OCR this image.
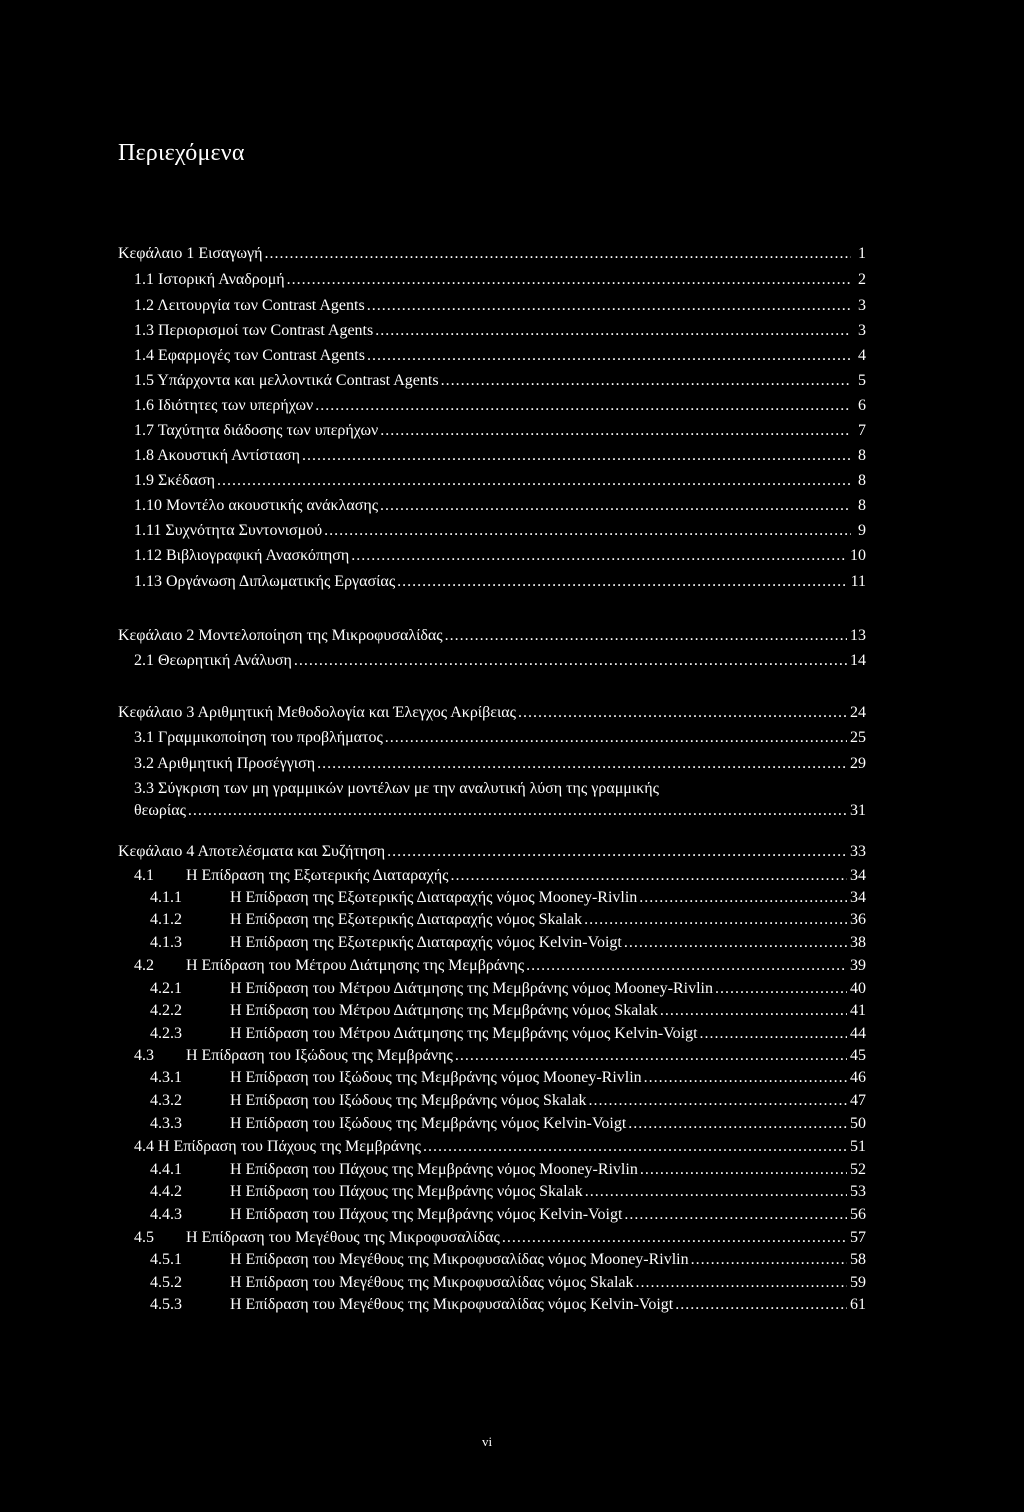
Περιεχόμενα
Κεφάλαιο 1 Εισαγωγή .....	1
1.1 Ιστορική Αναδρομή .....	2
1.2 Λειτουργία των Contrast Agents .....	3
1.3 Περιορισμοί των Contrast Agents .....	3
1.4 Εφαρμογές των Contrast Agents .....	4
1.5 Υπάρχοντα και μελλοντικά Contrast Agents .....	5
1.6 Ιδιότητες των υπερήχων .....	6
1.7 Ταχύτητα διάδοσης των υπερήχων .....	7
1.8 Ακουστική Αντίσταση .....	8
1.9 Σκέδαση .....	8
1.10 Μοντέλο ακουστικής ανάκλασης .....	8
1.11 Συχνότητα Συντονισμού .....	9
1.12 Βιβλιογραφική Ανασκόπηση .....	10
1.13 Οργάνωση Διπλωματικής Εργασίας .....	11
Κεφάλαιο 2 Μοντελοποίηση της Μικροφυσαλίδας .....	13
2.1 Θεωρητική Ανάλυση .....	14
Κεφάλαιο 3 Αριθμητική Μεθοδολογία και Έλεγχος Ακρίβειας .....	24
3.1 Γραμμικοποίηση του προβλήματος .....	25
3.2 Αριθμητική Προσέγγιση .....	29
3.3 Σύγκριση των μη γραμμικών μοντέλων με την αναλυτική λύση της γραμμικής
θεωρίας .....	31
Κεφάλαιο 4 Αποτελέσματα και Συζήτηση .....	33
4.1	Η Επίδραση της Εξωτερικής Διαταραχής .....	34
4.1.1	Η Επίδραση της Εξωτερικής Διαταραχής νόμος Mooney-Rivlin .....	34
4.1.2	Η Επίδραση της Εξωτερικής Διαταραχής νόμος Skalak .....	36
4.1.3	Η Επίδραση της Εξωτερικής Διαταραχής νόμος Kelvin-Voigt .....	38
4.2	Η Επίδραση του Μέτρου Διάτμησης της Μεμβράνης .....	39
4.2.1	Η Επίδραση του Μέτρου Διάτμησης της Μεμβράνης νόμος Mooney-Rivlin .....	40
4.2.2	Η Επίδραση του Μέτρου Διάτμησης της Μεμβράνης νόμος Skalak .....	41
4.2.3	Η Επίδραση του Μέτρου Διάτμησης της Μεμβράνης νόμος Kelvin-Voigt .....	44
4.3	Η Επίδραση του Ιξώδους της Μεμβράνης .....	45
4.3.1	Η Επίδραση του Ιξώδους της Μεμβράνης νόμος Mooney-Rivlin .....	46
4.3.2	Η Επίδραση του Ιξώδους της Μεμβράνης νόμος Skalak .....	47
4.3.3	Η Επίδραση του Ιξώδους της Μεμβράνης νόμος Kelvin-Voigt .....	50
4.4 Η Επίδραση του Πάχους της Μεμβράνης .....	51
4.4.1	Η Επίδραση του Πάχους της Μεμβράνης νόμος Mooney-Rivlin .....	52
4.4.2	Η Επίδραση του Πάχους της Μεμβράνης νόμος Skalak .....	53
4.4.3	Η Επίδραση του Πάχους της Μεμβράνης νόμος Kelvin-Voigt .....	56
4.5	Η Επίδραση του Μεγέθους της Μικροφυσαλίδας .....	57
4.5.1	Η Επίδραση του Μεγέθους της Μικροφυσαλίδας νόμος Mooney-Rivlin .....	58
4.5.2	Η Επίδραση του Μεγέθους της Μικροφυσαλίδας νόμος Skalak .....	59
4.5.3	Η Επίδραση του Μεγέθους της Μικροφυσαλίδας νόμος Kelvin-Voigt .....	61
vi
